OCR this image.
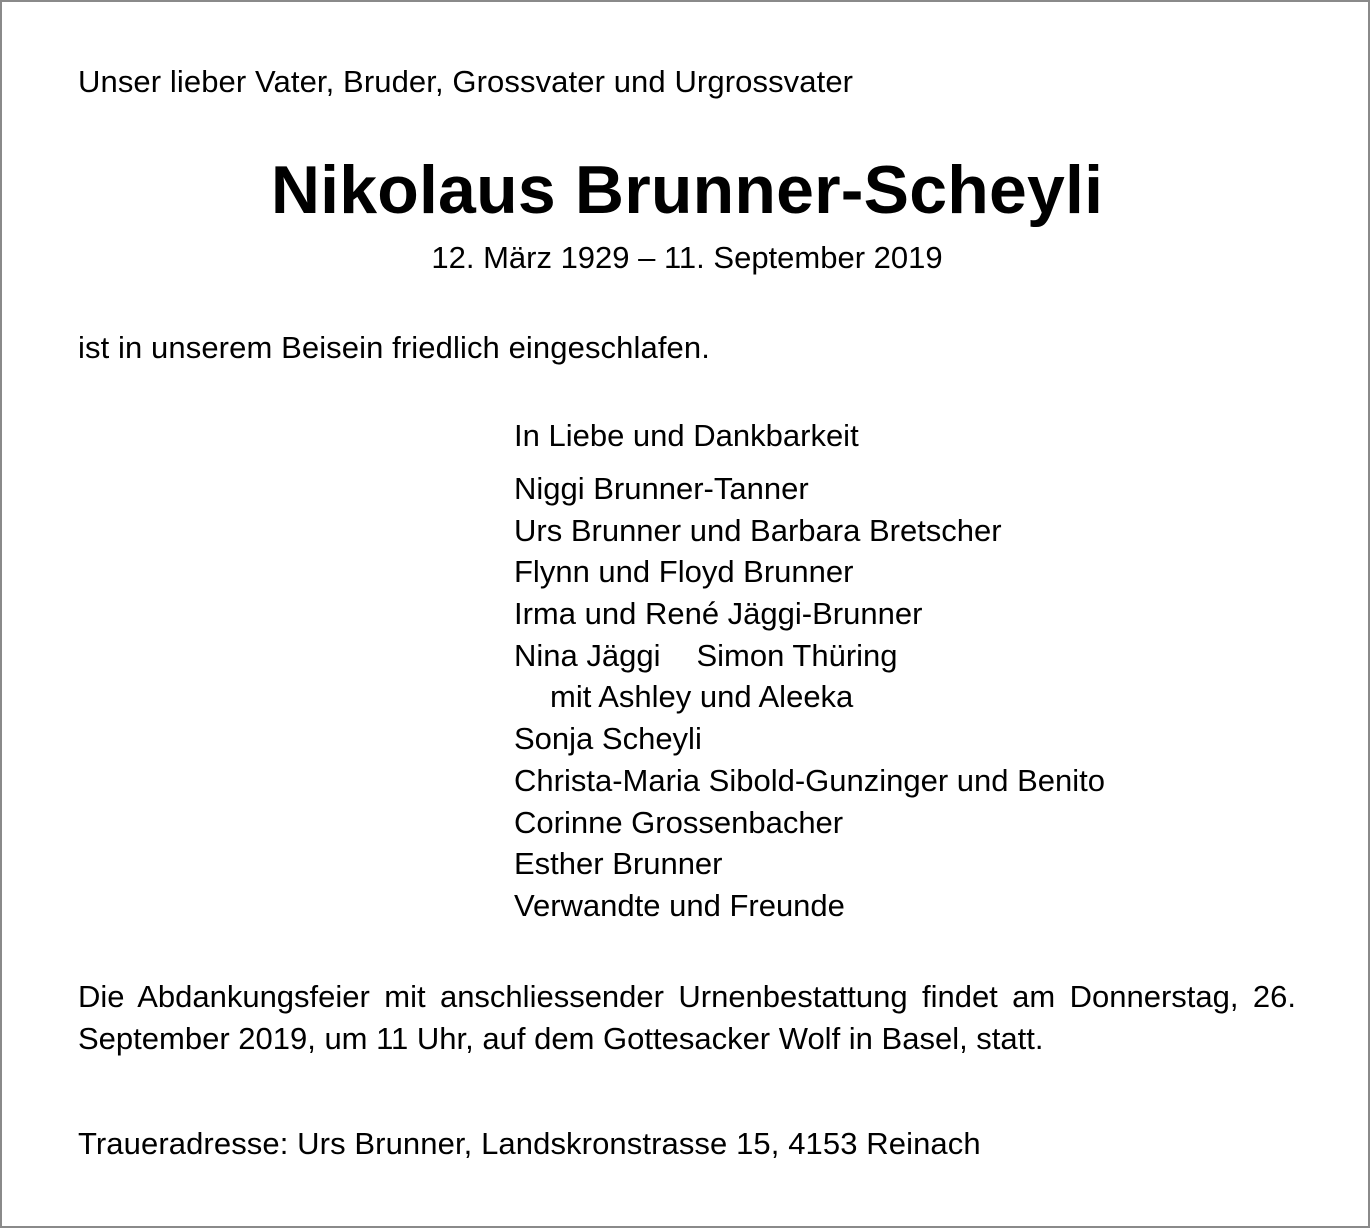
Unser lieber Vater, Bruder, Grossvater und Urgrossvater
Nikolaus Brunner-Scheyli
12. März 1929 – 11. September 2019
ist in unserem Beisein friedlich eingeschlafen.
In Liebe und Dankbarkeit
Niggi Brunner-Tanner
Urs Brunner und Barbara Bretscher
Flynn und Floyd Brunner
Irma und René Jäggi-Brunner
Nina Jäggi Simon Thüring
mit Ashley und Aleeka
Sonja Scheyli
Christa-Maria Sibold-Gunzinger und Benito
Corinne Grossenbacher
Esther Brunner
Verwandte und Freunde
Die Abdankungsfeier mit anschliessender Urnenbestattung findet am Donnerstag, 26. September 2019, um 11 Uhr, auf dem Gottesacker Wolf in Basel, statt.
Traueradresse: Urs Brunner, Landskronstrasse 15, 4153 Reinach
